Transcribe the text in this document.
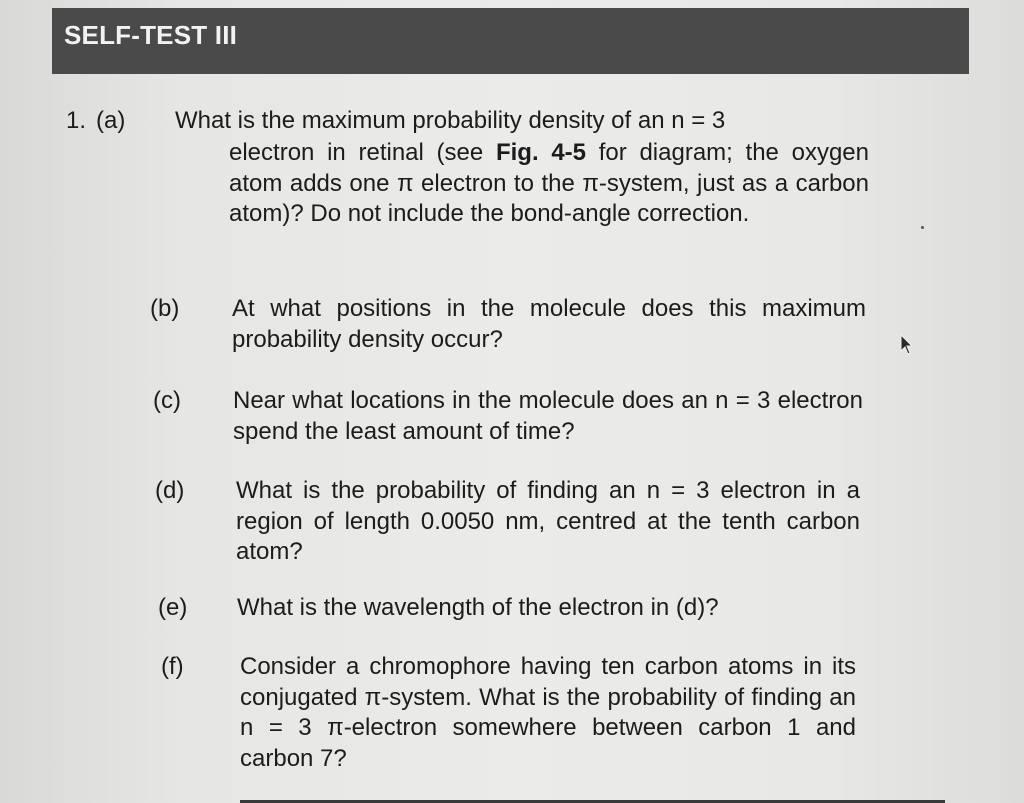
SELF-TEST III
1. (a) What is the maximum probability density of an n = 3
electron in retinal (see Fig. 4-5 for diagram; the oxygen atom adds one π electron to the π-system, just as a carbon atom)? Do not include the bond-angle correction.
(b) At what positions in the molecule does this maximum probability density occur?
(c) Near what locations in the molecule does an n = 3 electron spend the least amount of time?
(d) What is the probability of finding an n = 3 electron in a region of length 0.0050 nm, centred at the tenth carbon atom?
(e) What is the wavelength of the electron in (d)?
(f) Consider a chromophore having ten carbon atoms in its conjugated π-system. What is the probability of finding an n = 3 π-electron somewhere between carbon 1 and carbon 7?
